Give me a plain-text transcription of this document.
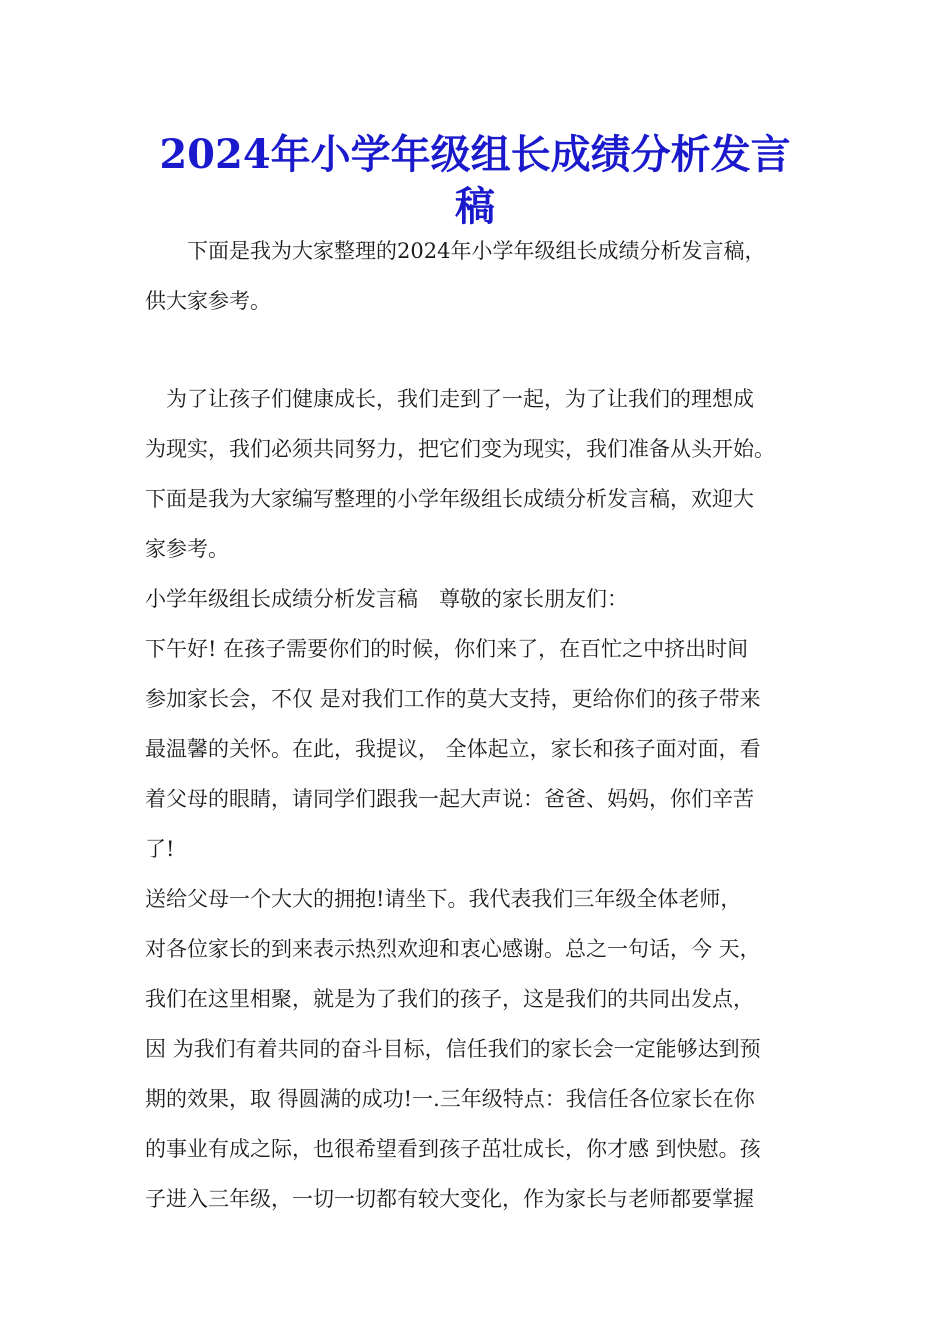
2024年小学年级组长成绩分析发言
稿

　　下面是我为大家整理的2024年小学年级组长成绩分析发言稿，

供大家参考。

　为了让孩子们健康成长，我们走到了一起，为了让我们的理想成

为现实，我们必须共同努力，把它们变为现实，我们准备从头开始。

下面是我为大家编写整理的小学年级组长成绩分析发言稿，欢迎大

家参考。

小学年级组长成绩分析发言稿　尊敬的家长朋友们：

下午好! 在孩子需要你们的时候，你们来了，在百忙之中挤出时间

参加家长会，不仅 是对我们工作的莫大支持，更给你们的孩子带来

最温馨的关怀。在此，我提议， 全体起立，家长和孩子面对面，看

着父母的眼睛，请同学们跟我一起大声说：爸爸、妈妈，你们辛苦

了!

送给父母一个大大的拥抱!请坐下。我代表我们三年级全体老师，

对各位家长的到来表示热烈欢迎和衷心感谢。总之一句话，今 天，

我们在这里相聚，就是为了我们的孩子，这是我们的共同出发点，

因 为我们有着共同的奋斗目标，信任我们的家长会一定能够达到预

期的效果，取 得圆满的成功!一.三年级特点：我信任各位家长在你

的事业有成之际，也很希望看到孩子茁壮成长，你才感 到快慰。孩

子进入三年级，一切一切都有较大变化，作为家长与老师都要掌握
